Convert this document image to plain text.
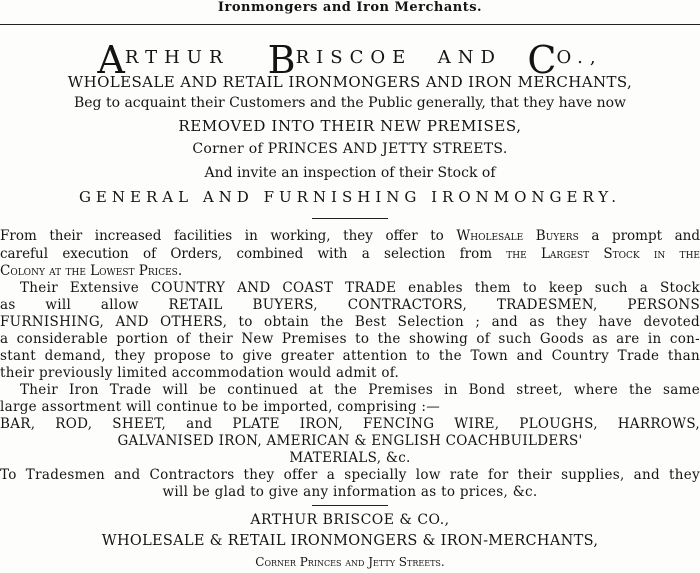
Ironmongers and Iron Merchants.
ARTHUR BRISCOE AND CO.,
WHOLESALE AND RETAIL IRONMONGERS AND IRON MERCHANTS,
Beg to acquaint their Customers and the Public generally, that they have now
REMOVED INTO THEIR NEW PREMISES,
Corner of PRINCES AND JETTY STREETS.
And invite an inspection of their Stock of
GENERAL AND FURNISHING IRONMONGERY.
From their increased facilities in working, they offer to Wholesale Buyers a prompt and
careful execution of Orders, combined with a selection from the Largest Stock in the
Colony at the Lowest Prices.
Their Extensive COUNTRY AND COAST TRADE enables them to keep such a Stock
as will allow RETAIL BUYERS, CONTRACTORS, TRADESMEN, PERSONS
FURNISHING, AND OTHERS, to obtain the Best Selection ; and as they have devoted
a considerable portion of their New Premises to the showing of such Goods as are in con-
stant demand, they propose to give greater attention to the Town and Country Trade than
their previously limited accommodation would admit of.
Their Iron Trade will be continued at the Premises in Bond street, where the same
large assortment will continue to be imported, comprising :—
BAR, ROD, SHEET, and PLATE IRON, FENCING WIRE, PLOUGHS, HARROWS,
GALVANISED IRON, AMERICAN & ENGLISH COACHBUILDERS'
MATERIALS, &c.
To Tradesmen and Contractors they offer a specially low rate for their supplies, and they
will be glad to give any information as to prices, &c.
ARTHUR BRISCOE & CO.,
WHOLESALE & RETAIL IRONMONGERS & IRON-MERCHANTS,
Corner Princes and Jetty Streets.
